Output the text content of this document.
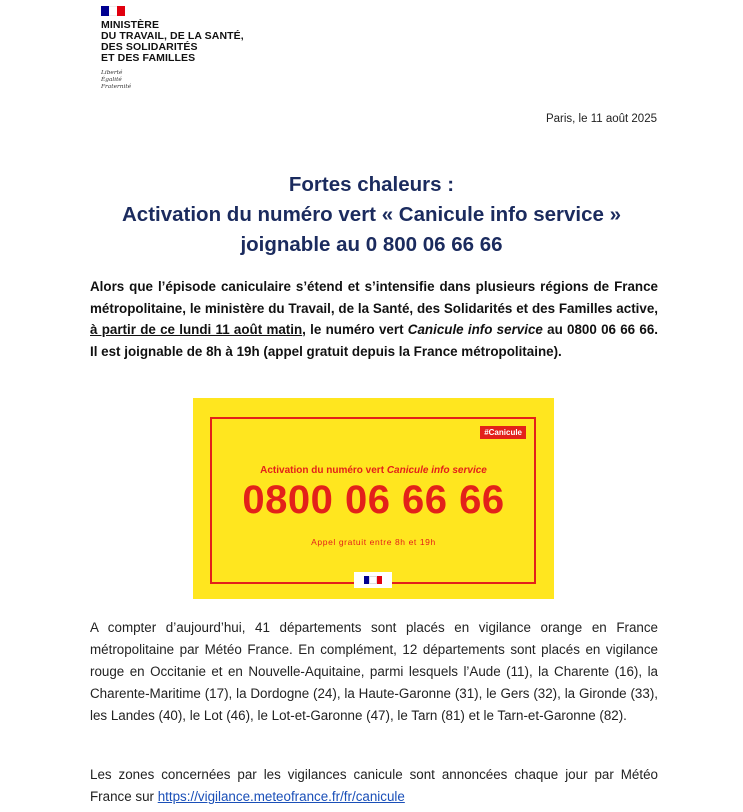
MINISTÈRE
DU TRAVAIL, DE LA SANTÉ,
DES SOLIDARITÉS
ET DES FAMILLES
Liberté
Égalité
Fraternité
Paris, le 11 août 2025
Fortes chaleurs :
Activation du numéro vert « Canicule info service »
joignable au 0 800 06 66 66
Alors que l’épisode caniculaire s’étend et s’intensifie dans plusieurs régions de France métropolitaine, le ministère du Travail, de la Santé, des Solidarités et des Familles active, à partir de ce lundi 11 août matin, le numéro vert Canicule info service au 0800 06 66 66. Il est joignable de 8h à 19h (appel gratuit depuis la France métropolitaine).
#Canicule
Activation du numéro vert Canicule info service
0800 06 66 66
Appel gratuit entre 8h et 19h
A compter d’aujourd’hui, 41 départements sont placés en vigilance orange en France métropolitaine par Météo France. En complément, 12 départements sont placés en vigilance rouge en Occitanie et en Nouvelle-Aquitaine, parmi lesquels l’Aude (11), la Charente (16), la Charente-Maritime (17), la Dordogne (24), la Haute-Garonne (31), le Gers (32), la Gironde (33), les Landes (40), le Lot (46), le Lot-et-Garonne (47), le Tarn (81) et le Tarn-et-Garonne (82).
Les zones concernées par les vigilances canicule sont annoncées chaque jour par Météo France sur https://vigilance.meteofrance.fr/fr/canicule
